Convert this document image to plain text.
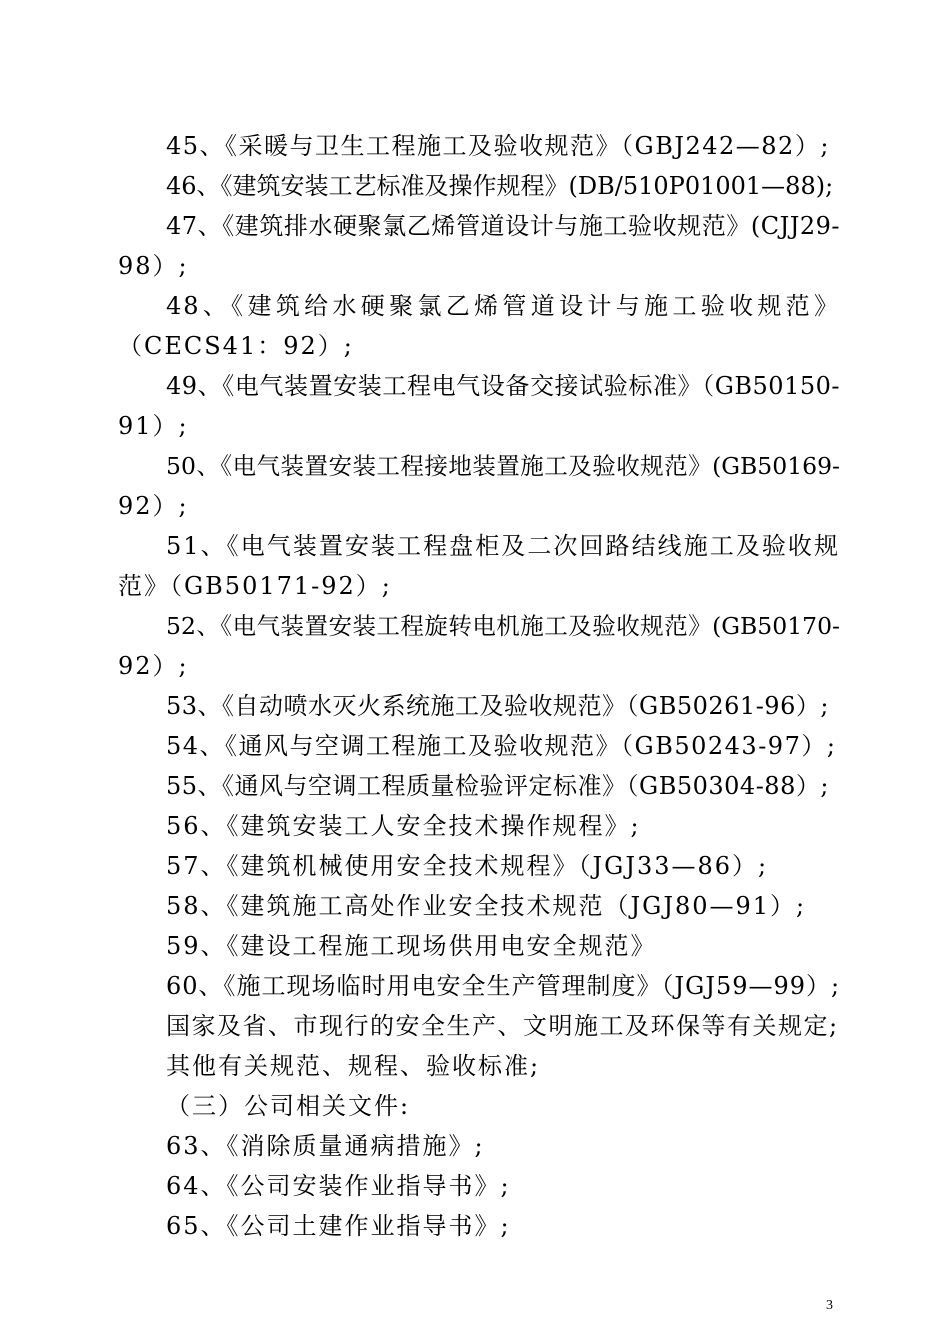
45、《采暖与卫生工程施工及验收规范》（GBJ242—82）;
46、《建筑安装工艺标准及操作规程》(DB/510P01001—88);
47、《建筑排水硬聚氯乙烯管道设计与施工验收规范》(CJJ29-
98）;
48、《建筑给水硬聚氯乙烯管道设计与施工验收规范》
（CECS41：92）;
49、《电气装置安装工程电气设备交接试验标准》（GB50150-
91）;
50、《电气装置安装工程接地装置施工及验收规范》(GB50169-
92）;
51、《电气装置安装工程盘柜及二次回路结线施工及验收规
范》（GB50171-92）;
52、《电气装置安装工程旋转电机施工及验收规范》(GB50170-
92）;
53、《自动喷水灭火系统施工及验收规范》（GB50261-96）;
54、《通风与空调工程施工及验收规范》（GB50243-97）;
55、《通风与空调工程质量检验评定标准》（GB50304-88）;
56、《建筑安装工人安全技术操作规程》;
57、《建筑机械使用安全技术规程》（JGJ33—86）;
58、《建筑施工高处作业安全技术规范（JGJ80—91）;
59、《建设工程施工现场供用电安全规范》
60、《施工现场临时用电安全生产管理制度》（JGJ59—99）;
国家及省、市现行的安全生产、文明施工及环保等有关规定;
其他有关规范、规程、验收标准;
（三）公司相关文件:
63、《消除质量通病措施》;
64、《公司安装作业指导书》;
65、《公司土建作业指导书》;
3
